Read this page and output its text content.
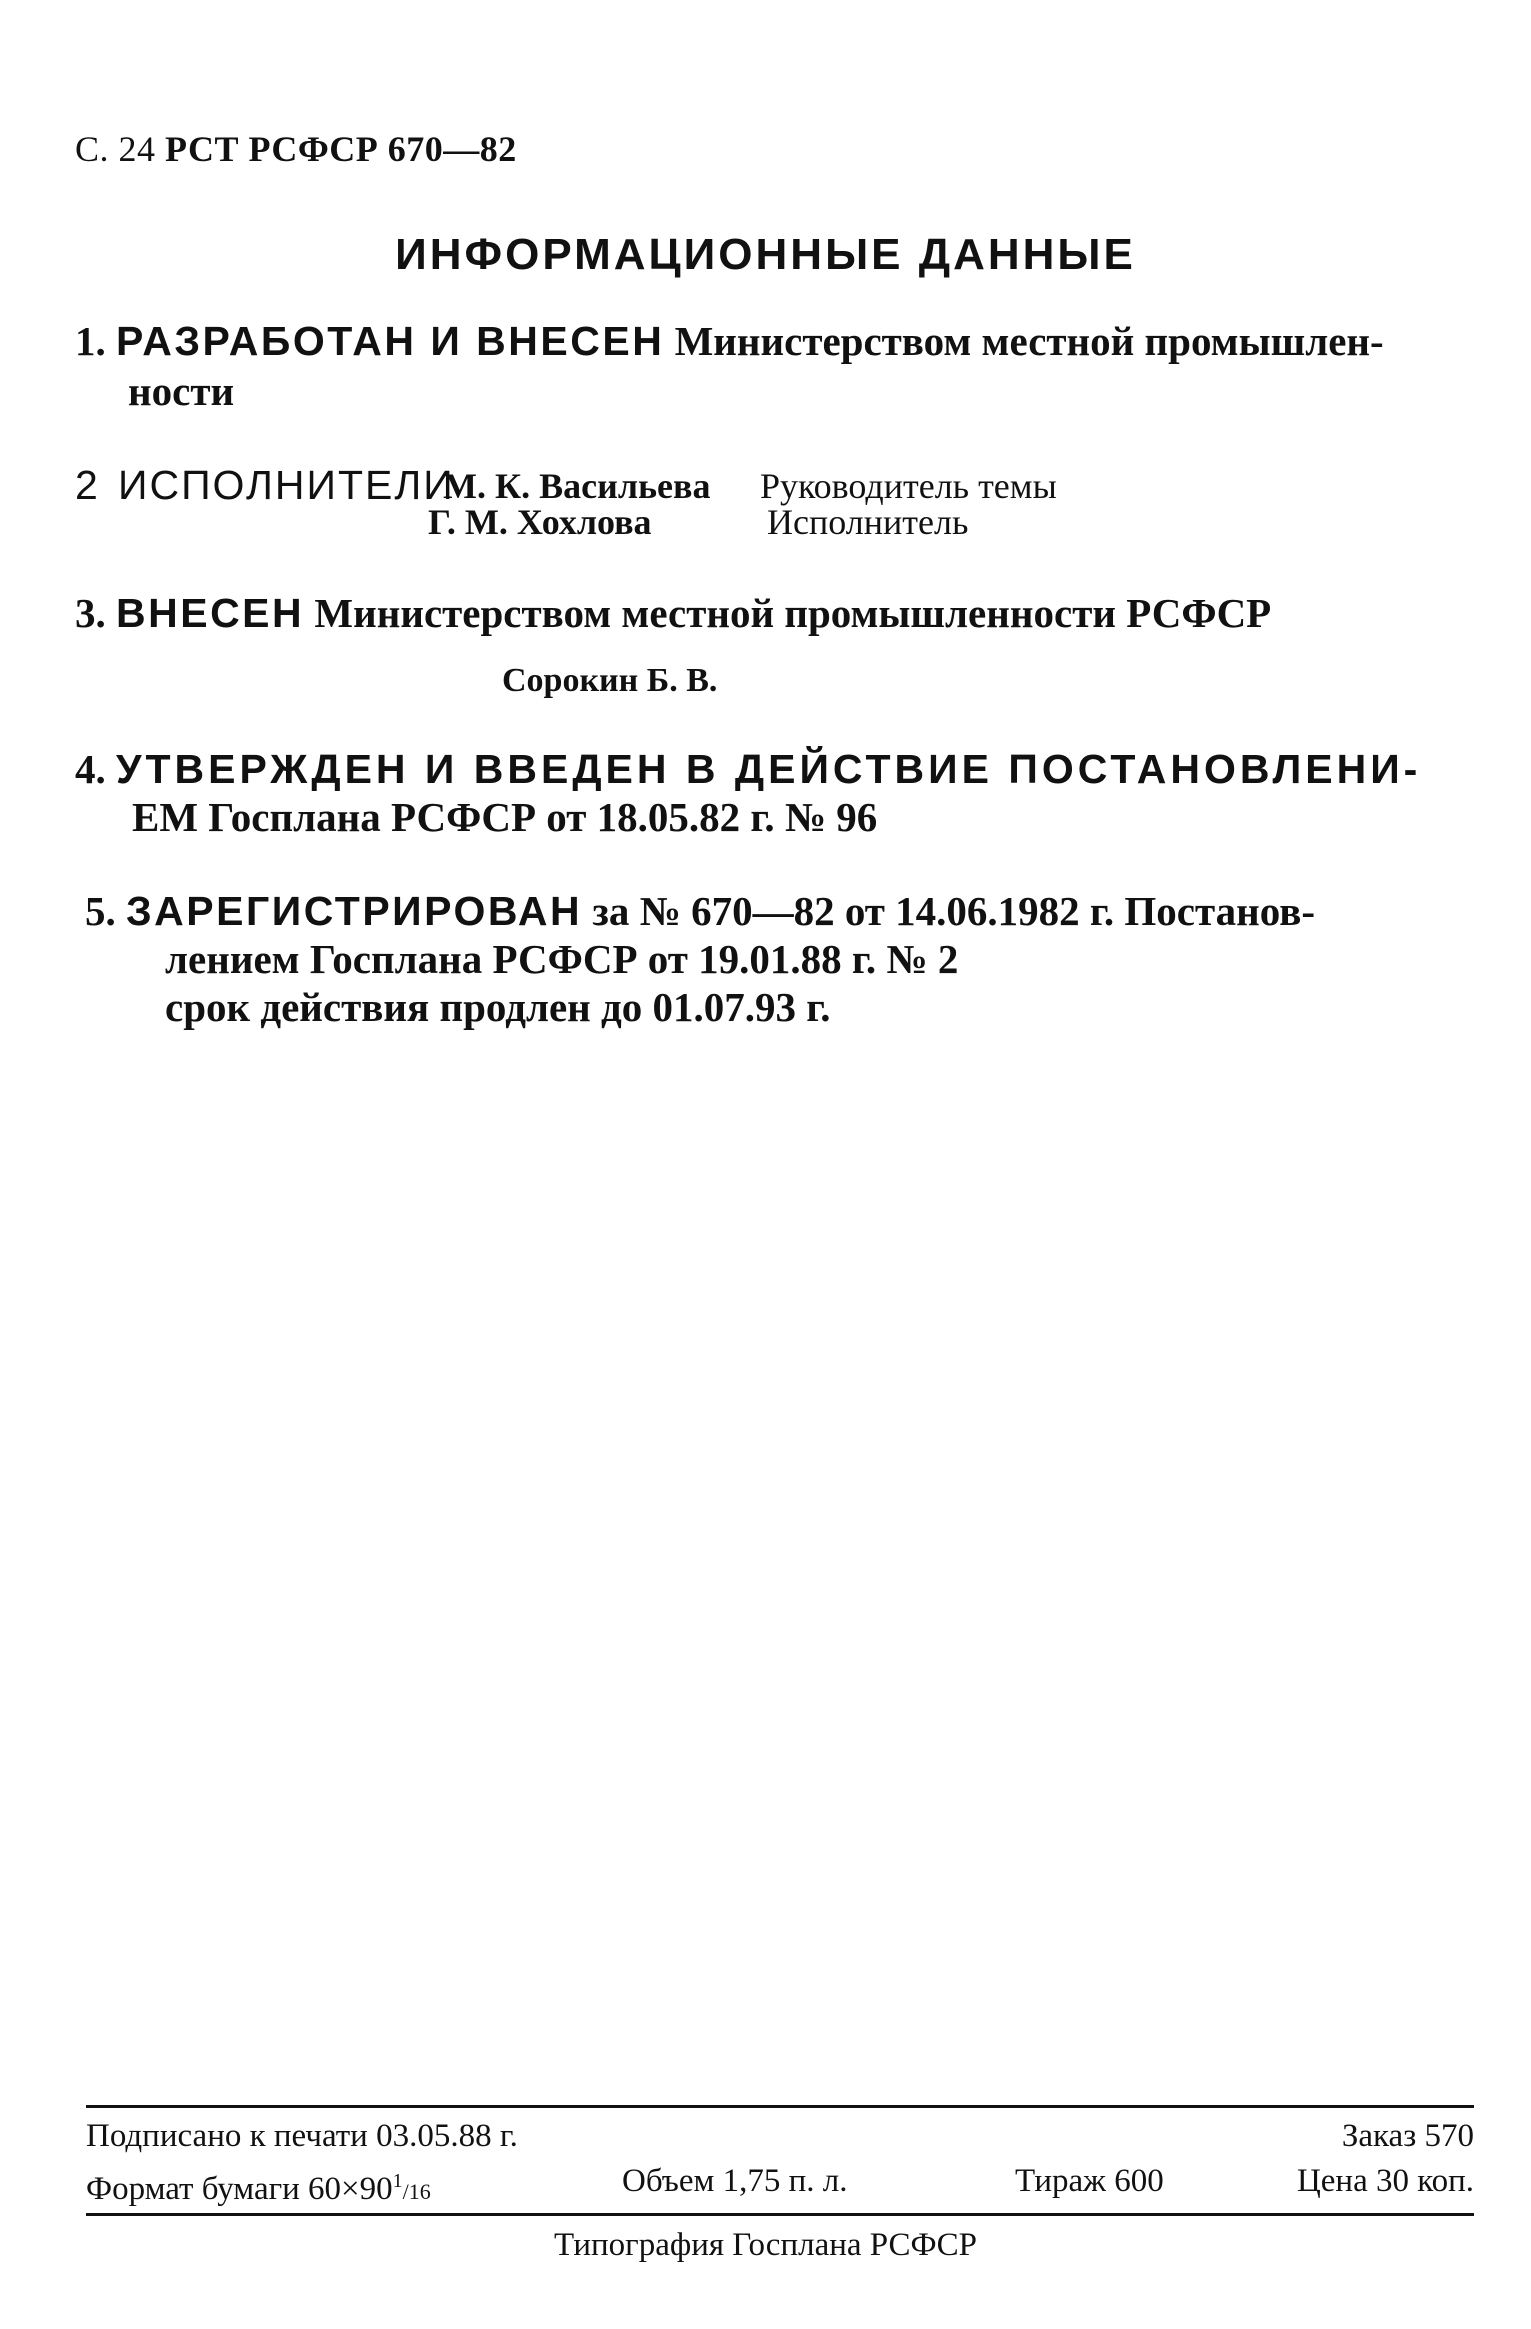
С. 24 РСТ РСФСР 670—82
ИНФОРМАЦИОННЫЕ ДАННЫЕ
1. РАЗРАБОТАН И ВНЕСЕН Министерством местной промышлен-
ности
2 ИСПОЛНИТЕЛИ
М. К. Васильева Руководитель темы
Г. М. Хохлова	Исполнитель
3. ВНЕСЕН Министерством местной промышленности РСФСР
Сорокин Б. В.
4. УТВЕРЖДЕН И ВВЕДЕН В ДЕЙСТВИЕ ПОСТАНОВЛЕНИ-
ЕМ Госплана РСФСР от 18.05.82 г. № 96
5. ЗАРЕГИСТРИРОВАН за № 670—82 от 14.06.1982 г. Постанов-
лением Госплана РСФСР от 19.01.88 г. № 2
срок действия продлен до 01.07.93 г.
Подписано к печати 03.05.88 г.	Заказ 570
Формат бумаги $60\times 90^1/16$	Объем 1,75 п. л.	Тираж 600	Цена 30 коп.
Типография Госплана РСФСР
